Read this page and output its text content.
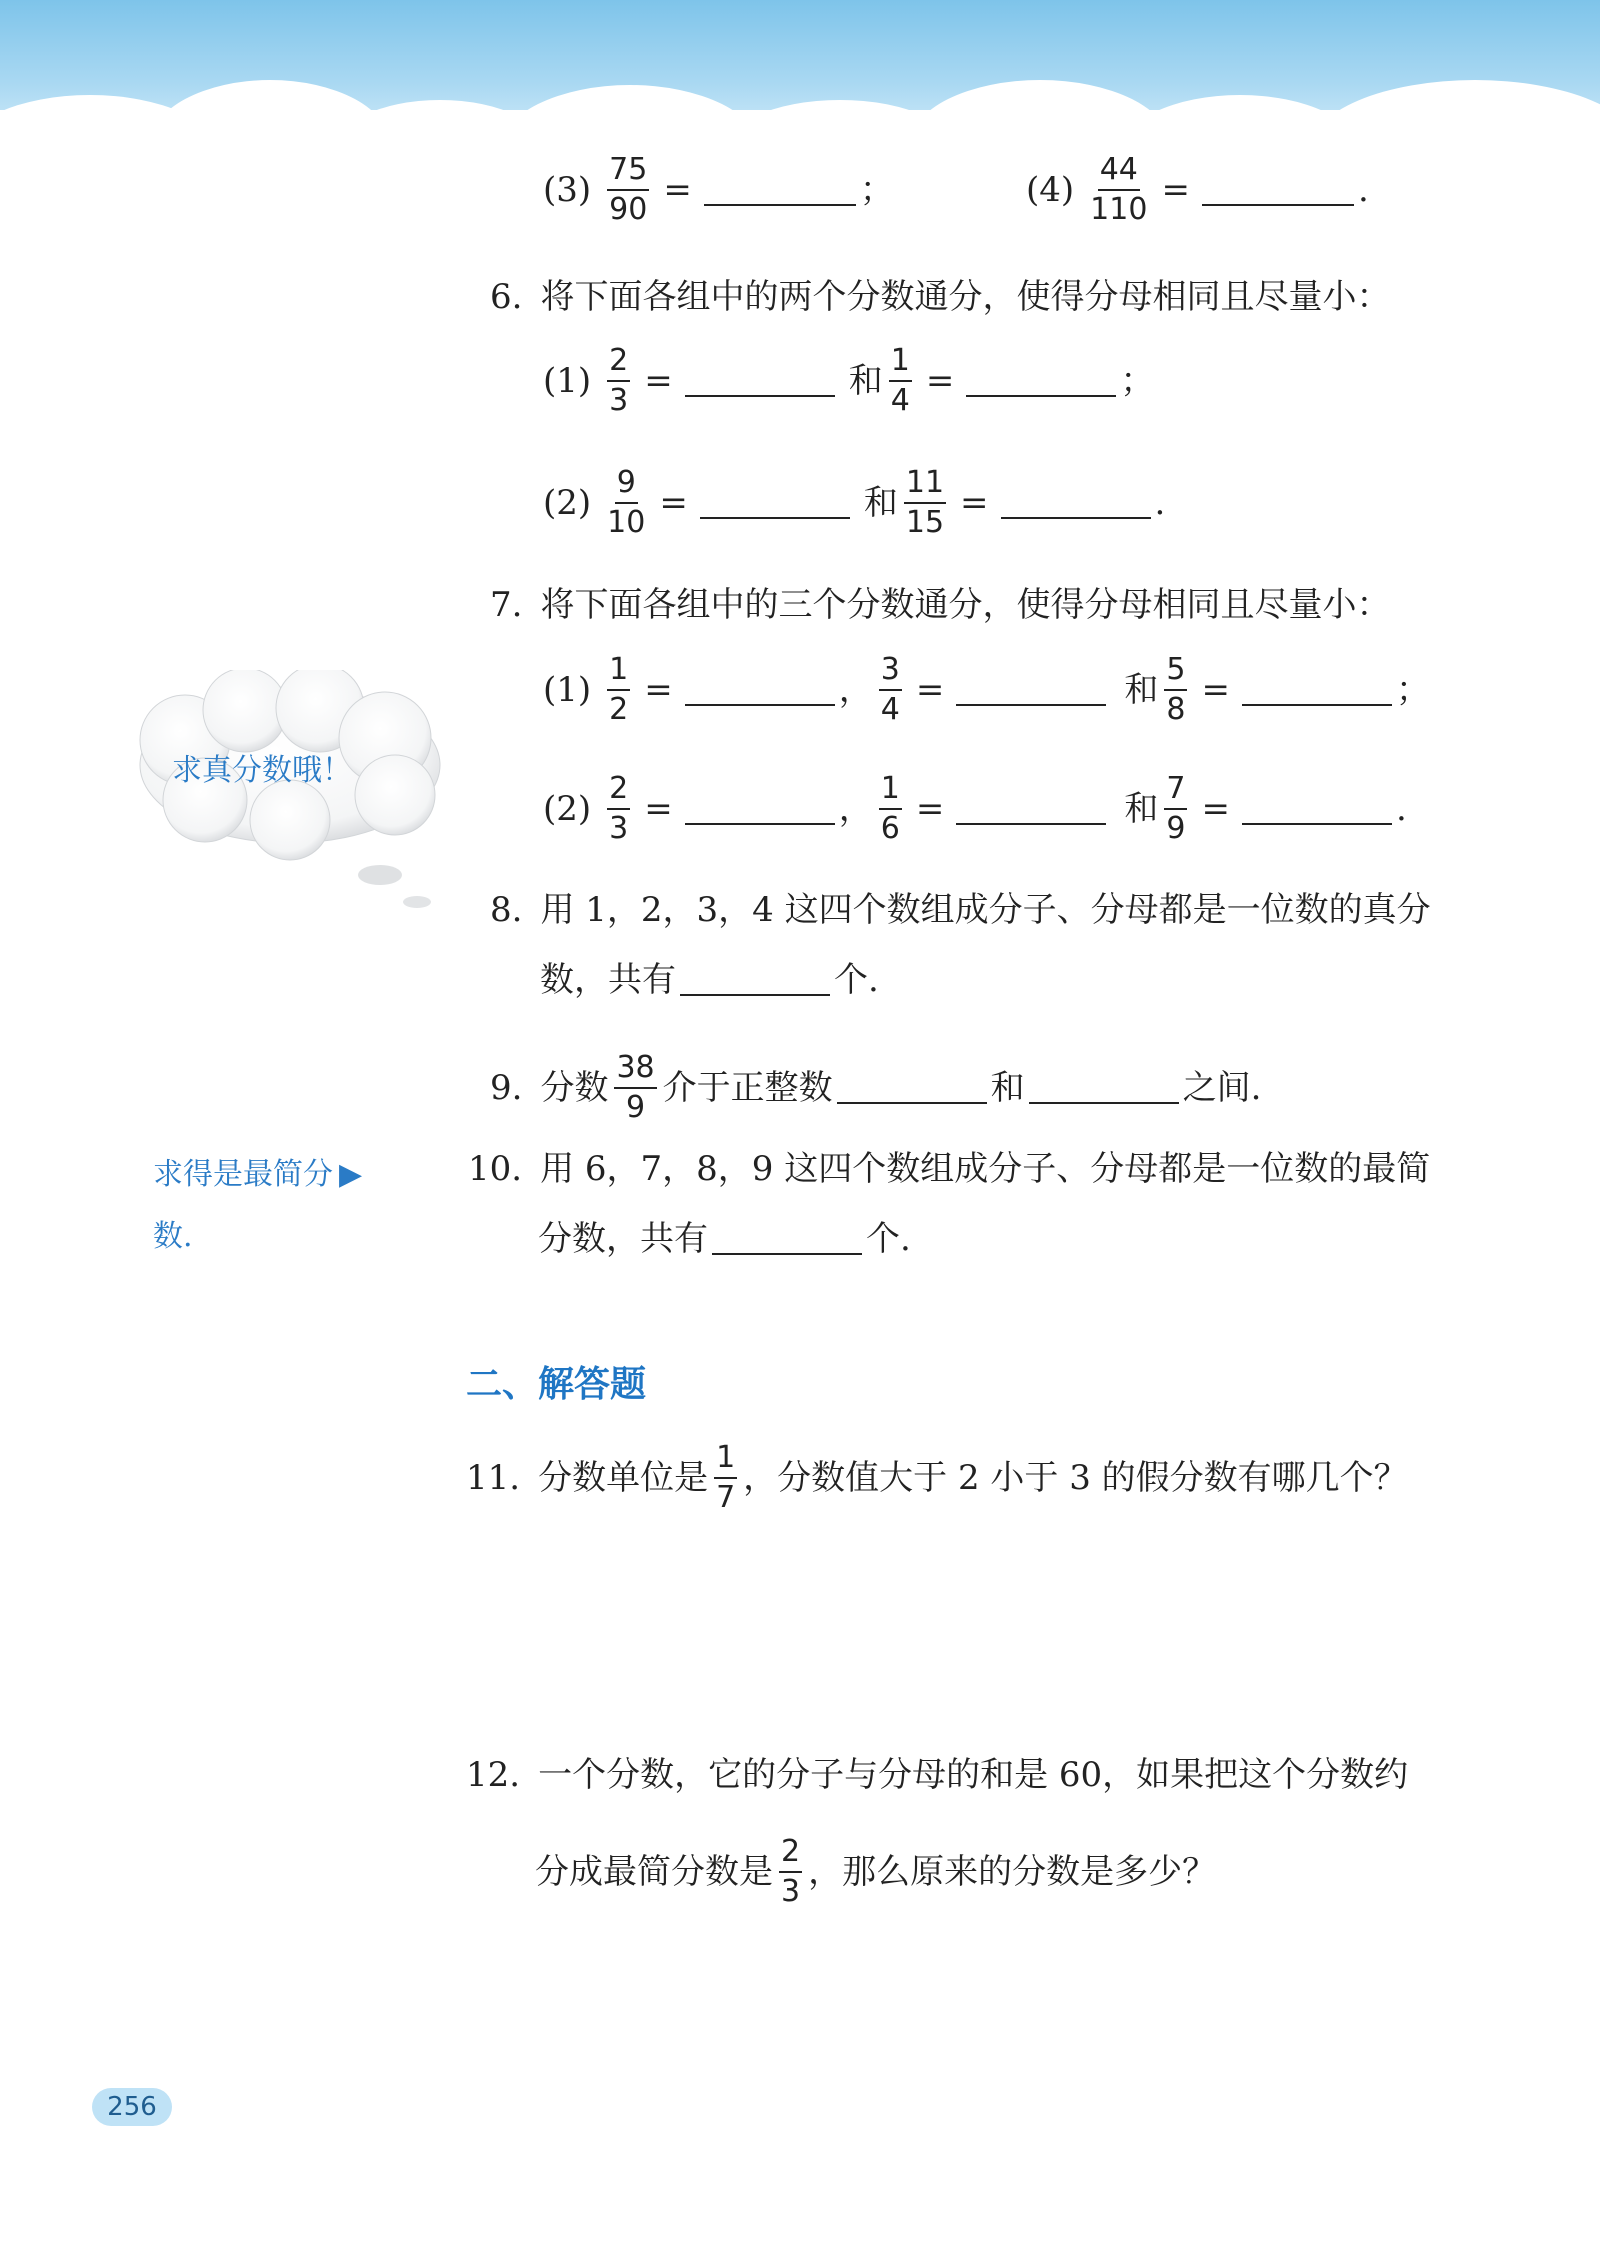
$(3) \frac{75}{90}$ =	；	$(4) \frac{44}{110}$ =	.
6. 将下面各组中的两个分数通分，使得分母相同且尽量小：
$(1) \frac{2}{3}$ =	和 $\frac{1}{4}$ =	；
$(2) \frac{9}{10}$ =	和 $\frac{11}{15}$ =	.
7. 将下面各组中的三个分数通分，使得分母相同且尽量小：
$(1) \frac{1}{2}$ =	， $\frac{3}{4}$ =	和 $\frac{5}{8}$ =	；
$(2) \frac{2}{3}$ =	， $\frac{1}{6}$ =	和 $\frac{7}{9}$ =	.
求真分数哦！
8. 用 1，2，3，4 这四个数组成分子、分母都是一位数的真分
数，共有	个.
9. 分数 $\frac{38}{9}$ 介于正整数	和	之间.
求得是最简分 ▶
数.
10. 用 6，7，8，9 这四个数组成分子、分母都是一位数的最简
分数，共有	个.
二、解答题
11. 分数单位是 $\frac{1}{7}$ ，分数值大于 2 小于 3 的假分数有哪几个？
12. 一个分数，它的分子与分母的和是 60，如果把这个分数约
分成最简分数是 $\frac{2}{3}$ ，那么原来的分数是多少？
256
